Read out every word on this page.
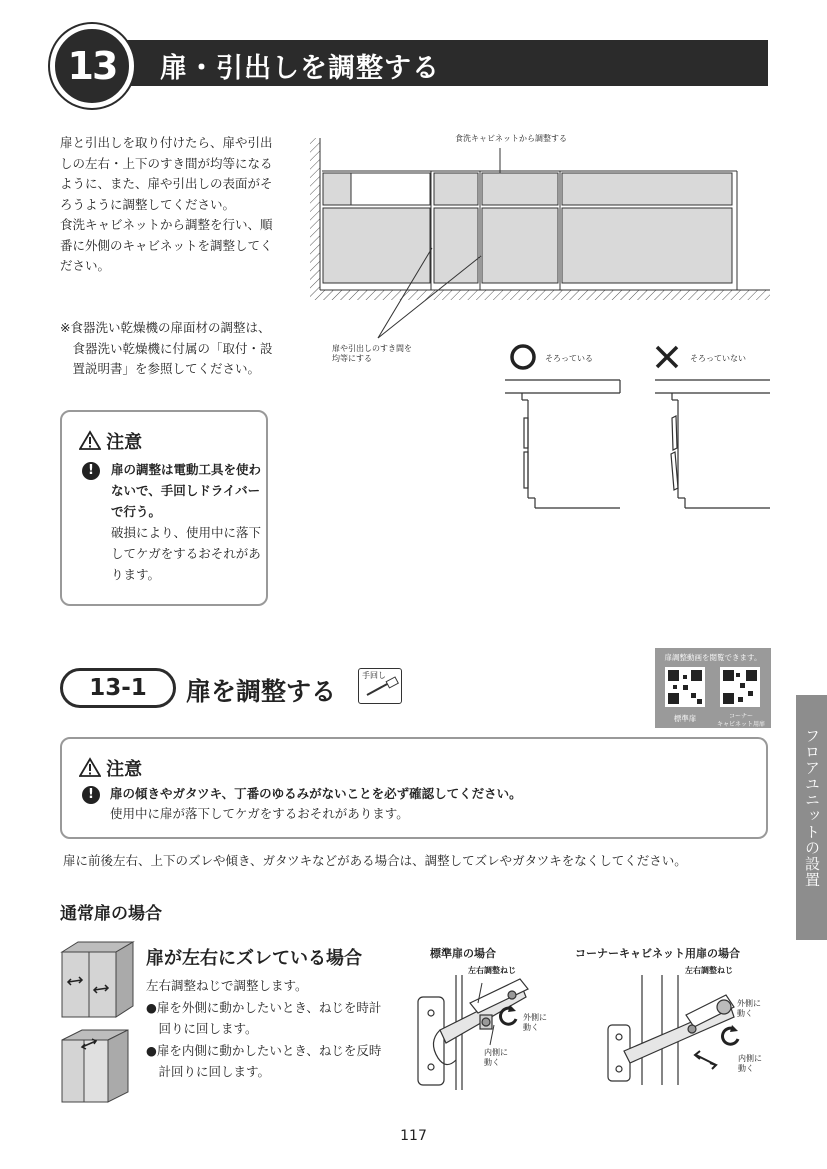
扉・引出しを調整する
13

扉と引出しを取り付けたら、扉や引出しの左右・上下のすき間が均等になるように、また、扉や引出しの表面がそろうように調整してください。

食洗キャビネットから調整を行い、順番に外側のキャビネットを調整してください。

※食器洗い乾燥機の扉面材の調整は、食器洗い乾燥機に付属の「取付・設置説明書」を参照してください。

注意
!	扉の調整は電動工具を使わないで、手回しドライバーで行う。

破損により、使用中に落下してケガをするおそれがあります。

食洗キャビネットから調整する
扉や引出しのすき間を
均等にする	そろっている	そろっていない
13-1	扉を調整する
手回し
扉調整動画を閲覧できます。
標準扉	コーナー
キャビネット用扉
注意
!	扉の傾きやガタツキ、丁番のゆるみがないことを必ず確認してください。
使用中に扉が落下してケガをするおそれがあります。
扉に前後左右、上下のズレや傾き、ガタツキなどがある場合は、調整してズレやガタツキをなくしてください。	フロアユニットの設置
通常扉の場合
扉が左右にズレている場合

左右調整ねじで調整します。

●扉を外側に動かしたいとき、ねじを時計回りに回します。

●扉を内側に動かしたいとき、ねじを反時計回りに回します。

標準扉の場合
左右調整ねじ
外側に
動く
内側に
動く
コーナーキャビネット用扉の場合
左右調整ねじ
外側に
動く
内側に
動く
117
